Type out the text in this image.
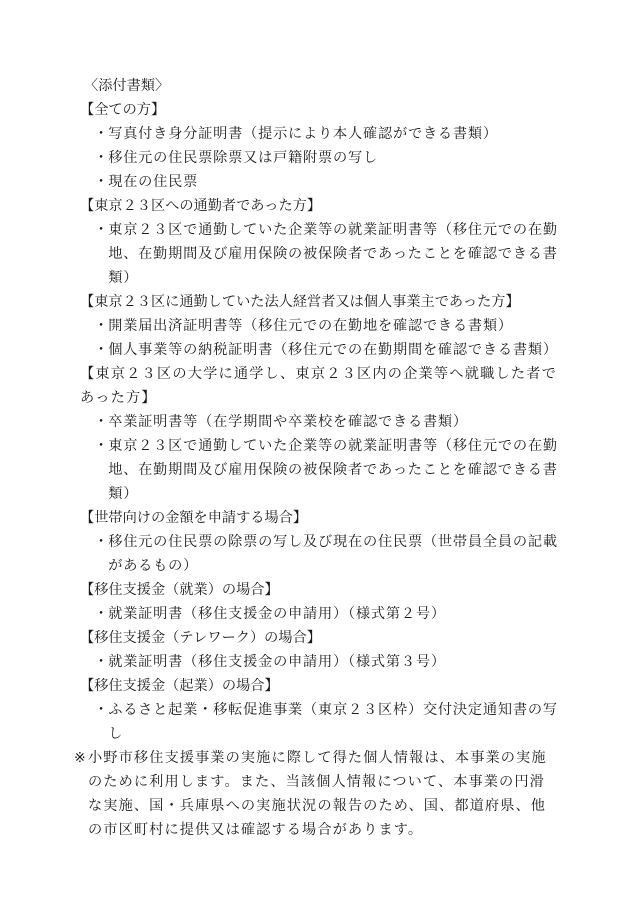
〈添付書類〉
【全ての方】
・ 写真付き身分証明書（提示により本人確認ができる書類）
・ 移住元の住民票除票又は戸籍附票の写し
・ 現在の住民票
【東京２３区への通勤者であった方】
・ 東京２３区で通勤していた企業等の就業証明書等（移住元での在勤地、在勤期間及び雇用保険の被保険者であったことを確認できる書類）
【東京２３区に通勤していた法人経営者又は個人事業主であった方】
・ 開業届出済証明書等（移住元での在勤地を確認できる書類）
・ 個人事業等の納税証明書（移住元での在勤期間を確認できる書類）
【東京２３区の大学に通学し、東京２３区内の企業等へ就職した者であった方】
・ 卒業証明書等（在学期間や卒業校を確認できる書類）
・ 東京２３区で通勤していた企業等の就業証明書等（移住元での在勤地、在勤期間及び雇用保険の被保険者であったことを確認できる書類）
【世帯向けの金額を申請する場合】
・ 移住元の住民票の除票の写し及び現在の住民票（世帯員全員の記載があるもの）
【移住支援金（就業）の場合】
・ 就業証明書（移住支援金の申請用）（様式第２号）
【移住支援金（テレワーク）の場合】
・ 就業証明書（移住支援金の申請用）（様式第３号）
【移住支援金（起業）の場合】
・ ふるさと起業・移転促進事業（東京２３区枠）交付決定通知書の写し
※ 小野市移住支援事業の実施に際して得た個人情報は、本事業の実施のために利用します。また、当該個人情報について、本事業の円滑な実施、国・兵庫県への実施状況の報告のため、国、都道府県、他の市区町村に提供又は確認する場合があります。
